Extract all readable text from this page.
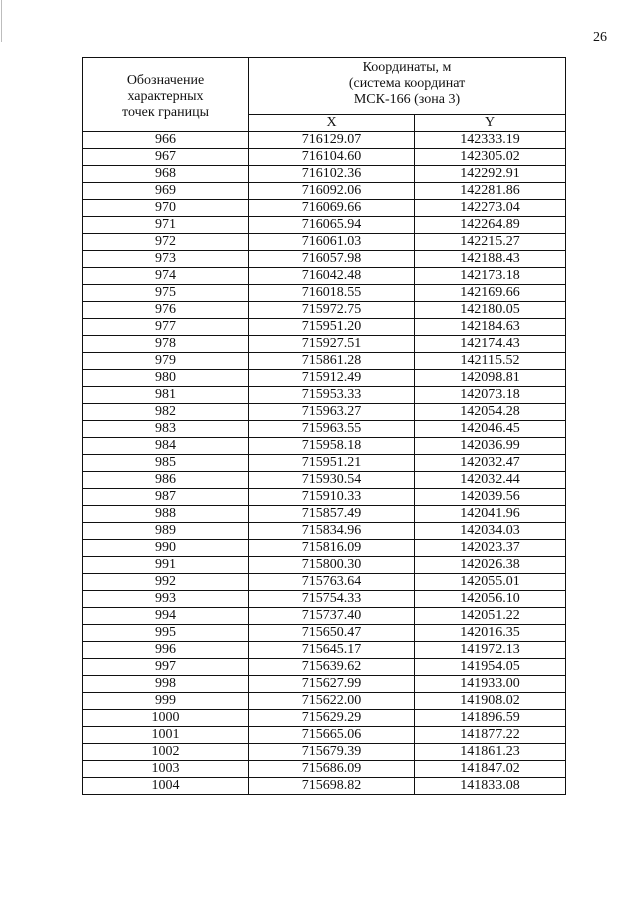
26
Обозначение
характерных
точек границы	Координаты, м
(система координат
МСК-166 (зона 3)	

	X	Y
966	716129.07	142333.19
967	716104.60	142305.02
968	716102.36	142292.91
969	716092.06	142281.86
970	716069.66	142273.04
971	716065.94	142264.89
972	716061.03	142215.27
973	716057.98	142188.43
974	716042.48	142173.18
975	716018.55	142169.66
976	715972.75	142180.05
977	715951.20	142184.63
978	715927.51	142174.43
979	715861.28	142115.52
980	715912.49	142098.81
981	715953.33	142073.18
982	715963.27	142054.28
983	715963.55	142046.45
984	715958.18	142036.99
985	715951.21	142032.47
986	715930.54	142032.44
987	715910.33	142039.56
988	715857.49	142041.96
989	715834.96	142034.03
990	715816.09	142023.37
991	715800.30	142026.38
992	715763.64	142055.01
993	715754.33	142056.10
994	715737.40	142051.22
995	715650.47	142016.35
996	715645.17	141972.13
997	715639.62	141954.05
998	715627.99	141933.00
999	715622.00	141908.02
1000	715629.29	141896.59
1001	715665.06	141877.22
1002	715679.39	141861.23
1003	715686.09	141847.02
1004	715698.82	141833.08
